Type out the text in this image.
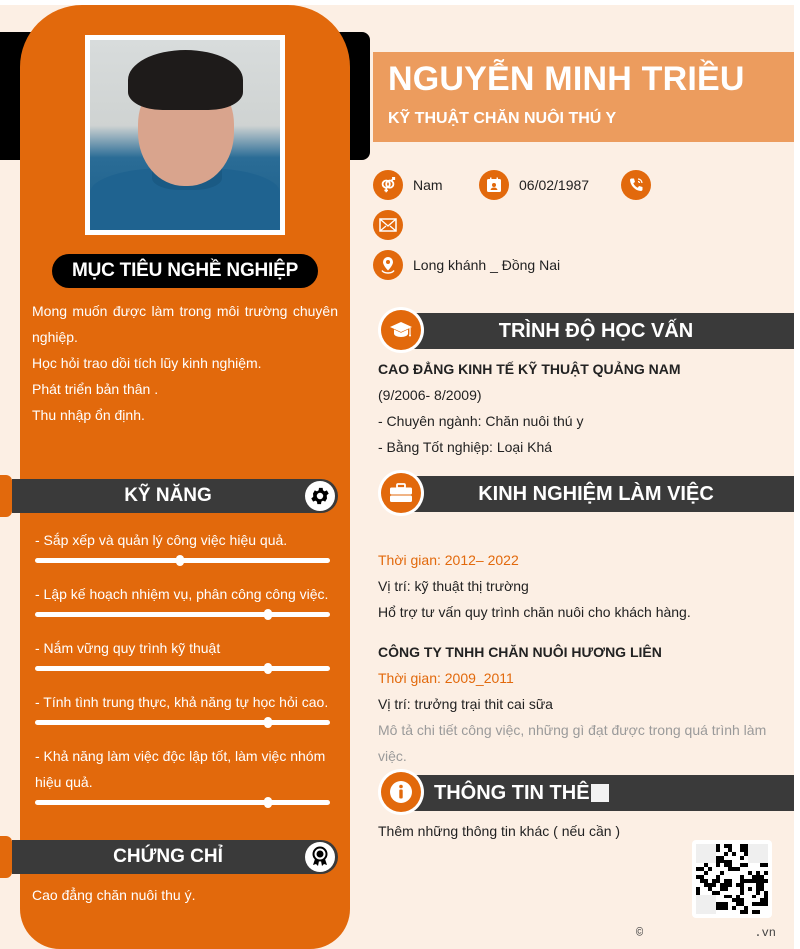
MỤC TIÊU NGHỀ NGHIỆP

Mong muốn được làm trong môi trường chuyên nghiệp.

Học hỏi trao dồi tích lũy kinh nghiệm.

Phát triển bản thân .

Thu nhập ổn định.

KỸ NĂNG
- Sắp xếp và quản lý công việc hiệu quả.
- Lập kế hoạch nhiệm vụ, phân công công việc.
- Nắm vững quy trình kỹ thuật
- Tính tình trung thực, khả năng tự học hỏi cao.
- Khả năng làm việc độc lập tốt, làm việc nhóm hiệu quả.
CHỨNG CHỈ
Cao đẳng chăn nuôi thu ý.
NGUYỄN MINH TRIỀU
KỸ THUẬT CHĂN NUÔI THÚ Y
Nam	06/02/1987
Long khánh _ Đồng Nai
TRÌNH ĐỘ HỌC VẤN
CAO ĐẲNG KINH TẾ KỸ THUẬT QUẢNG NAM
(9/2006- 8/2009)
- Chuyên ngành: Chăn nuôi thú y
- Bằng Tốt nghiệp: Loại Khá
KINH NGHIỆM LÀM VIỆC
Thời gian: 2012– 2022
Vị trí: kỹ thuật thị trường
Hổ trợ tư vấn quy trình chăn nuôi cho khách hàng.
CÔNG TY TNHH CHĂN NUÔI HƯƠNG LIÊN
Thời gian: 2009_2011
Vị trí: trưởng trại thit cai sữa
Mô tả chi tiết công việc, những gì đạt được trong quá trình làm việc.
THÔNG TIN THÊ
Thêm những thông tin khác ( nếu cần )
©	.vn
